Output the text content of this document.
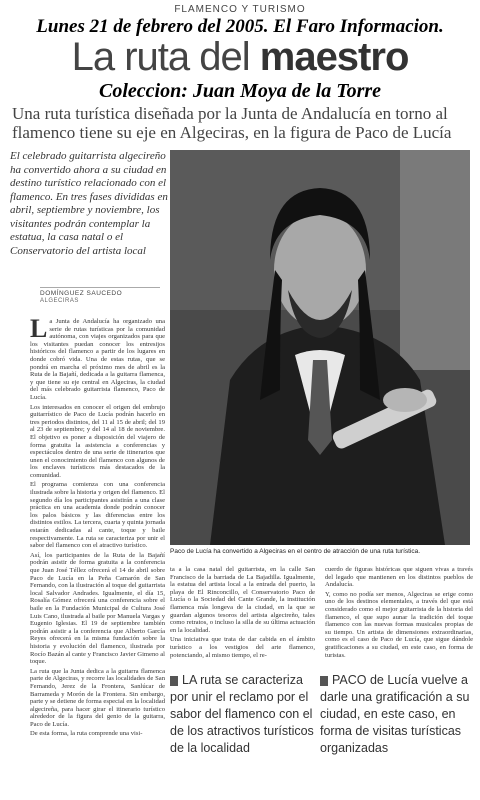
FLAMENCO Y TURISMO
Lunes 21 de febrero del 2005. El Faro Informacion.
La ruta del maestro
Coleccion: Juan Moya de la Torre
Una ruta turística diseñada por la Junta de Andalucía en torno al flamenco tiene su eje en Algeciras, en la figura de Paco de Lucía
El celebrado guitarrista algecireño ha convertido ahora a su ciudad en destino turístico relacionado con el flamenco. En tres fases divididas en abril, septiembre y noviembre, los visitantes podrán contemplar la estatua, la casa natal o el Conservatorio del artista local
DOMÍNGUEZ SAUCEDO
ALGECIRAS
Paco de Lucía ha convertido a Algeciras en el centro de atracción de una ruta turística.

La Junta de Andalucía ha organizado una serie de rutas turísticas por la comunidad autónoma, con viajes organizados para que los visitantes puedan conocer los entresijos históricos del flamenco a partir de los lugares en donde cobró vida. Una de estas rutas, que se pondrá en marcha el próximo mes de abril es la Ruta de la Bajañí, dedicada a la guitarra flamenca, y que tiene su eje central en Algeciras, la ciudad del más celebrado guitarrista flamenco, Paco de Lucía.

Los interesados en conocer el origen del embrujo guitarrístico de Paco de Lucía podrán hacerlo en tres periodos distintos, del 11 al 15 de abril; del 19 al 23 de septiembre; y del 14 al 18 de noviembre. El objetivo es poner a disposición del viajero de forma gratuita la asistencia a conferencias y espectáculos dentro de una serie de itinerarios que unen el conocimiento del flamenco con algunos de los enclaves turísticos más destacados de la comunidad.

El programa comienza con una conferencia ilustrada sobre la historia y origen del flamenco. El segundo día los participantes asistirán a una clase práctica en una academia donde podrán conocer los palos básicos y las diferencias entre los distintos estilos. La tercera, cuarta y quinta jornada estarán dedicadas al cante, toque y baile respectivamente. La ruta se caracteriza por unir el sabor del flamenco con el atractivo turístico.

Así, los participantes de la Ruta de la Bajañí podrán asistir de forma gratuita a la conferencia que Juan José Téllez ofrecerá el 14 de abril sobre Paco de Lucía en la Peña Camarón de San Fernando, con la ilustración al toque del guitarrista local Salvador Andrades. Igualmente, el día 15, Rosalía Gómez ofrecerá una conferencia sobre el baile en la Fundación Municipal de Cultura José Luis Cano, ilustrada al baile por Manuela Vargas y Eugenio Iglesias. El 19 de septiembre también podrán asistir a la conferencia que Alberto García Reyes ofrecerá en la misma fundación sobre la historia y evolución del flamenco, ilustrada por Rocío Bazán al cante y Francisco Javier Gimeno al toque.

La ruta que la Junta dedica a la guitarra flamenca parte de Algeciras, y recorre las localidades de San Fernando, Jerez de la Frontera, Sanlúcar de Barrameda y Morón de la Frontera. Sin embargo, parte y se detiene de forma especial en la localidad algecireña, para hacer girar el itinerario turístico alrededor de la figura del genio de la guitarra, Paco de Lucía.

De esta forma, la ruta comprende una visi-

ta a la casa natal del guitarrista, en la calle San Francisco de la barriada de La Bajadilla. Igualmente, la estatua del artista local a la entrada del puerto, la playa de El Rinconcillo, el Conservatorio Paco de Lucía o la Sociedad del Cante Grande, la institución flamenca más longeva de la ciudad, en la que se guardan algunos tesoros del artista algecireño, tales como retratos, o incluso la silla de su última actuación en la localidad.

Una iniciativa que trata de dar cabida en el ámbito turístico a los vestigios del arte flamenco, potenciando, al mismo tiempo, el re-

cuerdo de figuras históricas que siguen vivas a través del legado que mantienen en los distintos pueblos de Andalucía.

Y, como no podía ser menos, Algeciras se erige como uno de los destinos elementales, a través del que está considerado como el mejor guitarrista de la historia del flamenco, el que supo aunar la tradición del toque flamenco con las nuevas formas musicales propias de su tiempo. Un artista de dimensiones extraordinarias, como es el caso de Paco de Lucía, que sigue dándole gratificaciones a su ciudad, en este caso, en forma de turistas.

LA ruta se caracteriza por unir el reclamo por el sabor del flamenco con el de los atractivos turísticos de la localidad
PACO de Lucía vuelve a darle una gratificación a su ciudad, en este caso, en forma de visitas turísticas organizadas
